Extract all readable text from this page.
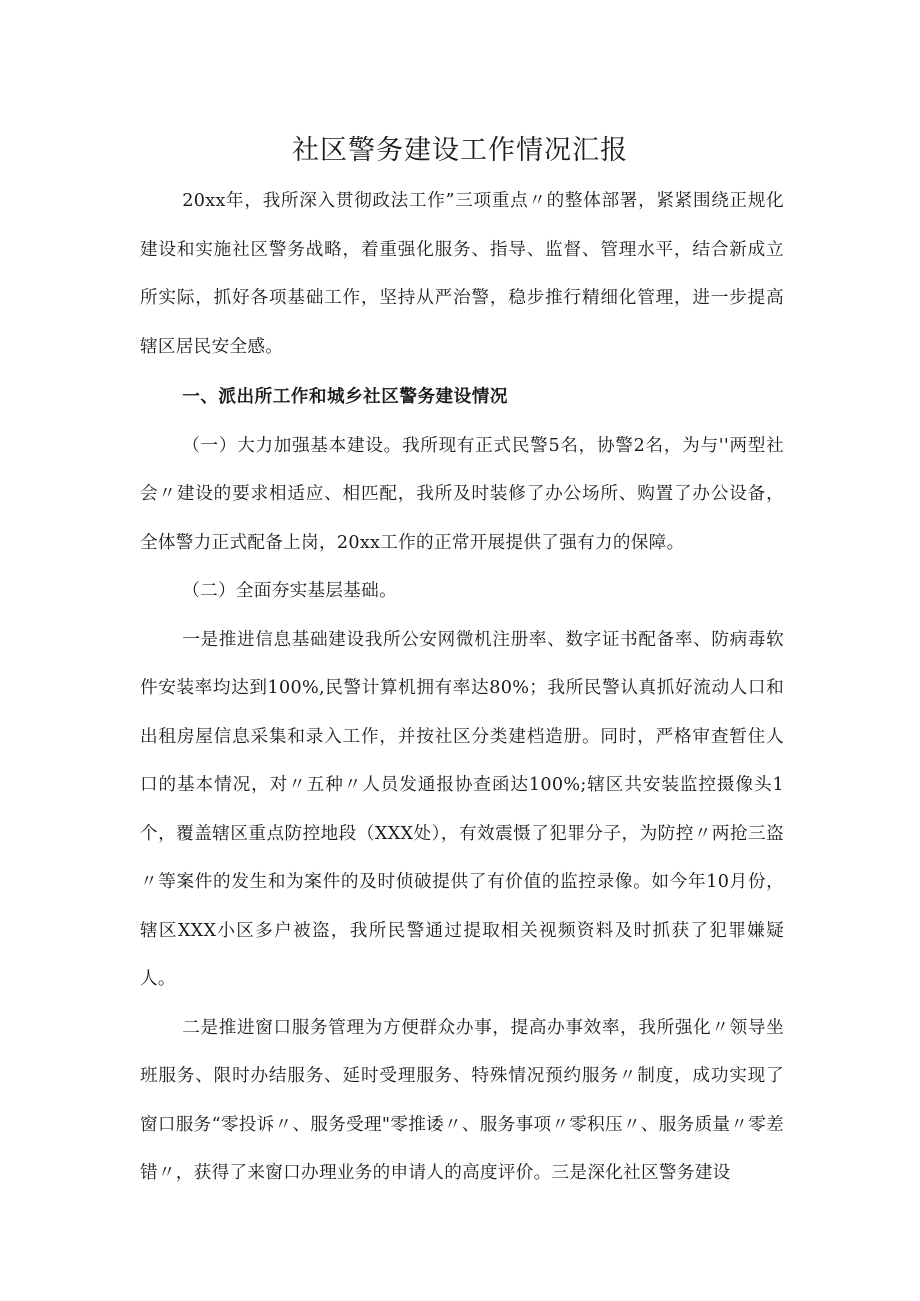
社区警务建设工作情况汇报

20xx年，我所深入贯彻政法工作”三项重点〃的整体部署，紧紧围绕正规化建设和实施社区警务战略，着重强化服务、指导、监督、管理水平，结合新成立所实际，抓好各项基础工作，坚持从严治警，稳步推行精细化管理，进一步提高辖区居民安全感。

一、派出所工作和城乡社区警务建设情况

（一）大力加强基本建设。我所现有正式民警5名，协警2名，为与''两型社会〃建设的要求相适应、相匹配，我所及时装修了办公场所、购置了办公设备，全体警力正式配备上岗，20xx工作的正常开展提供了强有力的保障。

（二）全面夯实基层基础。

一是推进信息基础建设我所公安网微机注册率、数字证书配备率、防病毒软件安装率均达到100%,民警计算机拥有率达80%；我所民警认真抓好流动人口和出租房屋信息采集和录入工作，并按社区分类建档造册。同时，严格审查暂住人口的基本情况，对〃五种〃人员发通报协查函达100%;辖区共安装监控摄像头1个，覆盖辖区重点防控地段（XXX处），有效震慑了犯罪分子，为防控〃两抢三盗〃等案件的发生和为案件的及时侦破提供了有价值的监控录像。如今年10月份，辖区XXX小区多户被盗，我所民警通过提取相关视频资料及时抓获了犯罪嫌疑人。

二是推进窗口服务管理为方便群众办事，提高办事效率，我所强化〃领导坐班服务、限时办结服务、延时受理服务、特殊情况预约服务〃制度，成功实现了窗口服务“零投诉〃、服务受理"零推诿〃、服务事项〃零积压〃、服务质量〃零差错〃，获得了来窗口办理业务的申请人的高度评价。三是深化社区警务建设
